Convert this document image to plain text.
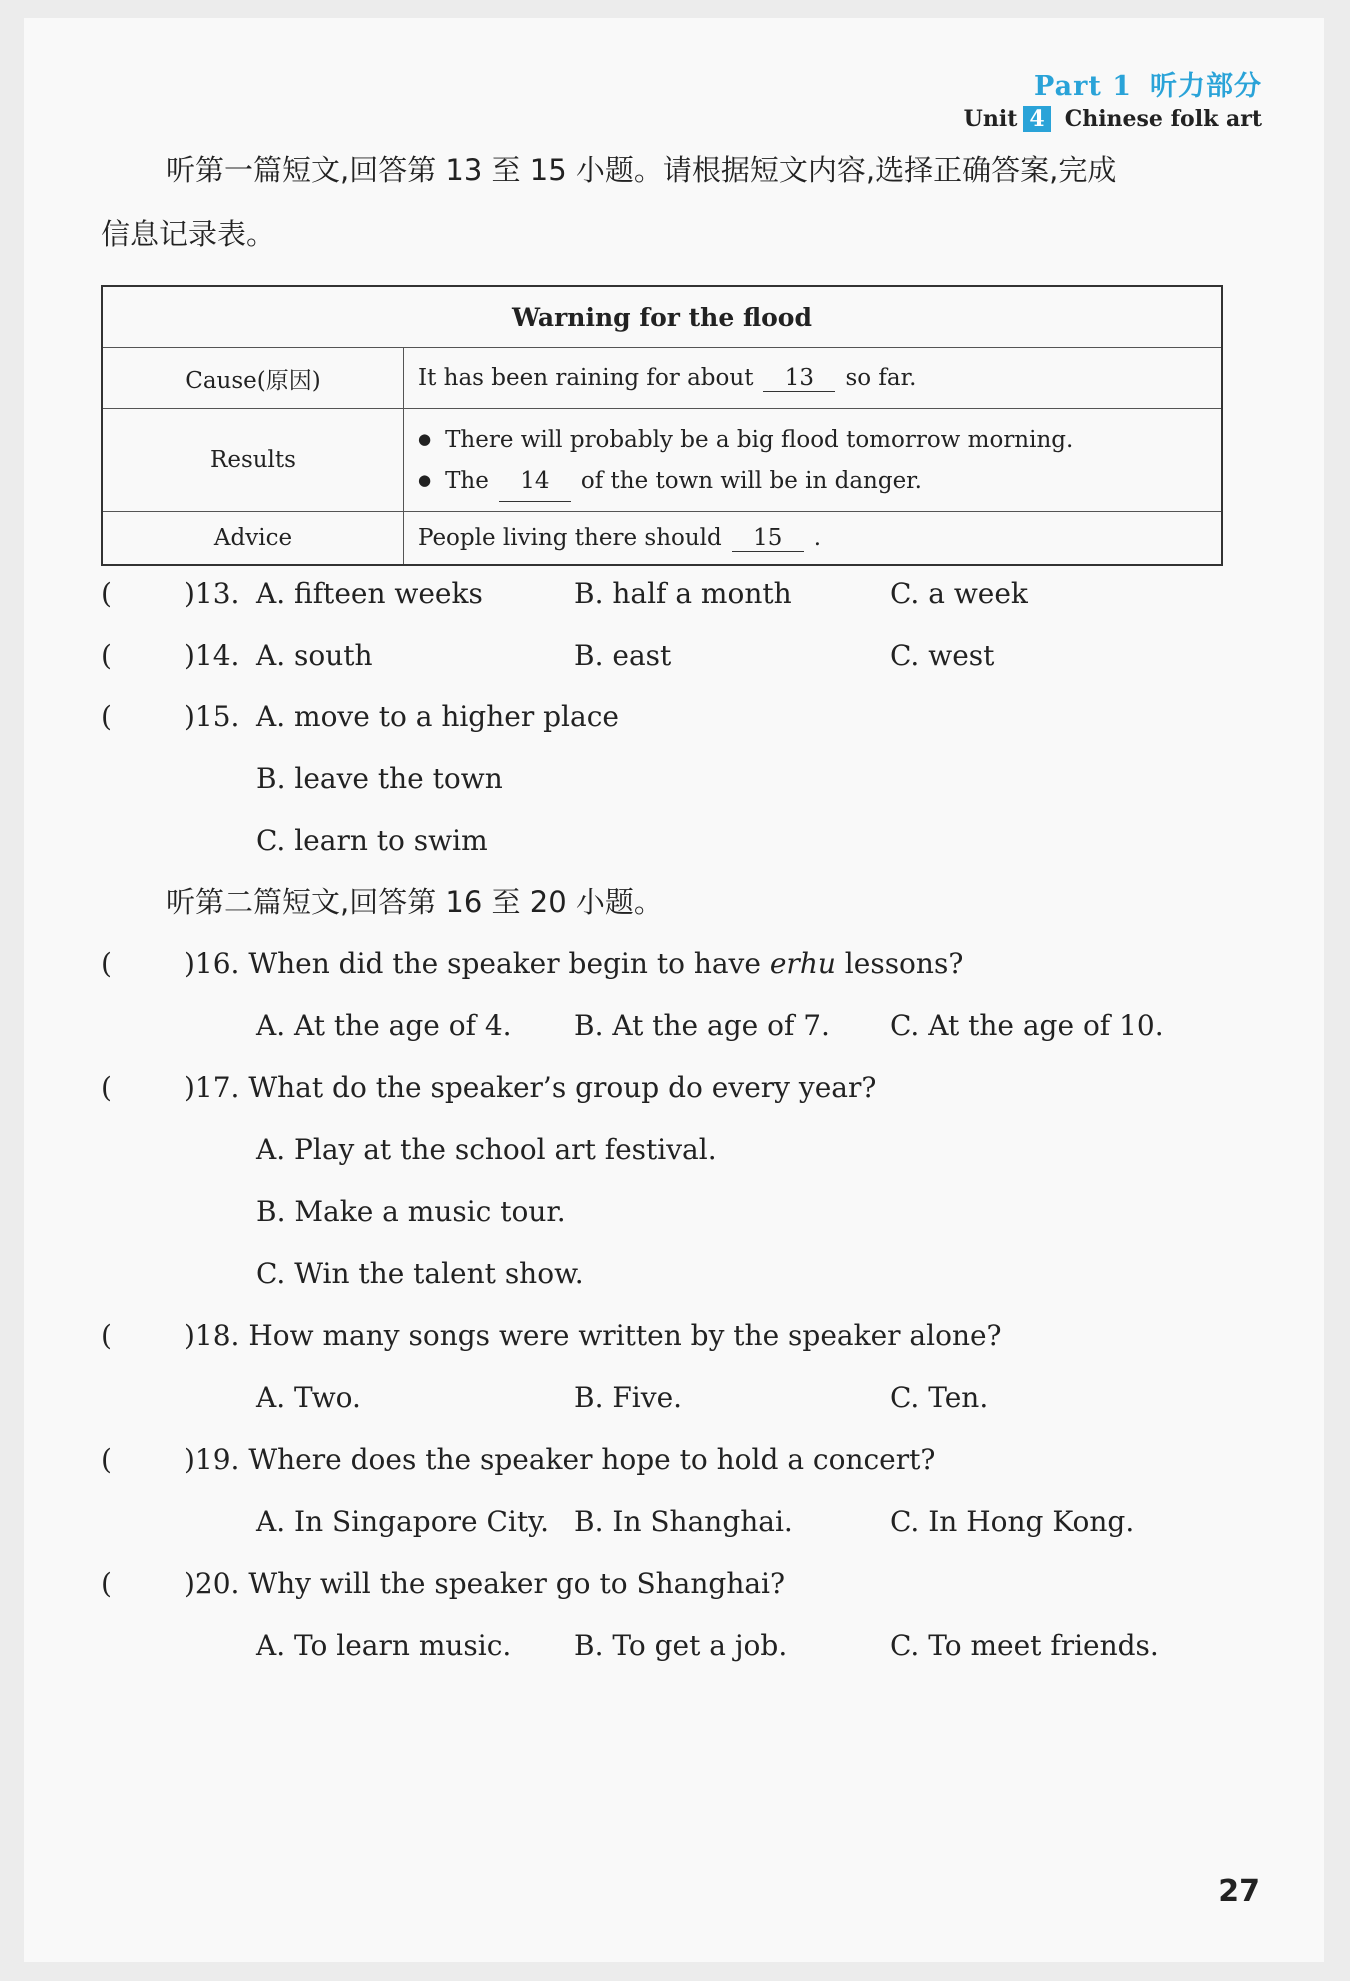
Part 1 听力部分
Unit 4 Chinese folk art
听第一篇短文,回答第 13 至 15 小题。请根据短文内容,选择正确答案,完成
信息记录表。
Warning for the flood	
Cause(原因)	It has been raining for about 13 so far.
Results	● There will probably be a big flood tomorrow morning.
● The 14 of the town will be in danger.

Advice	People living there should 15 .
(	)13. A. fifteen weeks	B. half a month	C. a week
(	)14. A. south	B. east	C. west
(	)15. A. move to a higher place
B. leave the town
C. learn to swim
听第二篇短文,回答第 16 至 20 小题。
(	)16. When did the speaker begin to have erhu lessons?
A. At the age of 4. B. At the age of 7. C. At the age of 10.
(	)17. What do the speaker’s group do every year?
A. Play at the school art festival.
B. Make a music tour.
C. Win the talent show.
(	)18. How many songs were written by the speaker alone?
A. Two.	B. Five.	C. Ten.
(	)19. Where does the speaker hope to hold a concert?
A. In Singapore City. B. In Shanghai.	C. In Hong Kong.
(	)20. Why will the speaker go to Shanghai?
A. To learn music. B. To get a job.	C. To meet friends.
27
